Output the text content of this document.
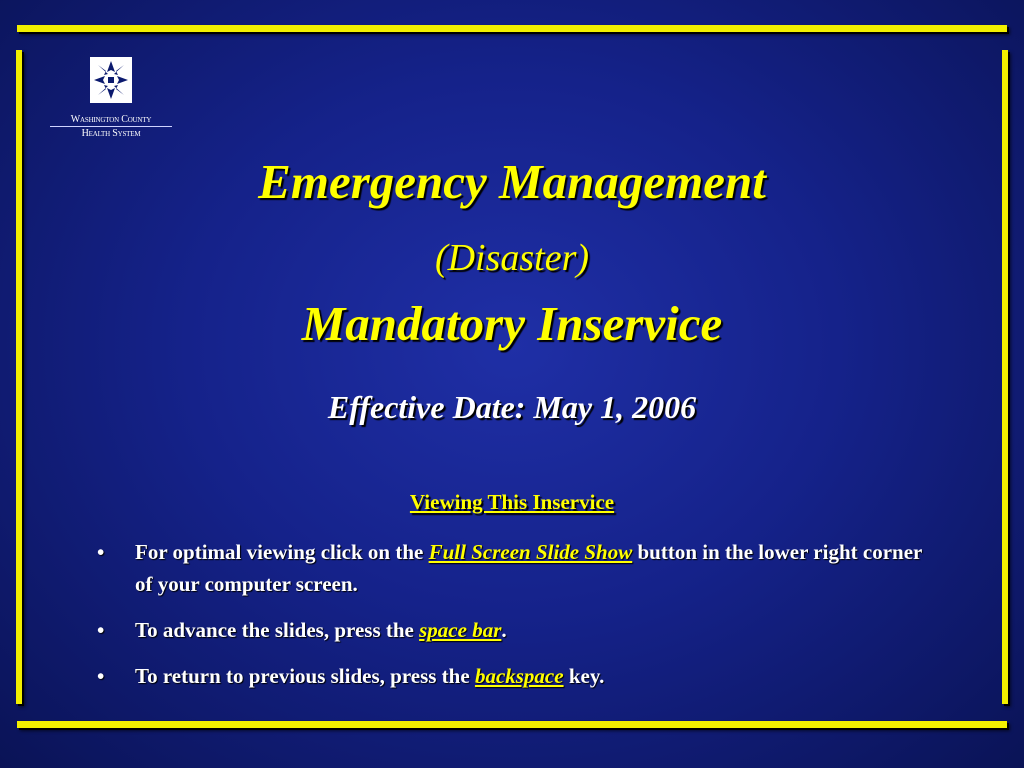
Washington County
Health System
Emergency Management
(Disaster)
Mandatory Inservice
Effective Date: May 1, 2006
Viewing This Inservice
• For optimal viewing click on the Full Screen Slide Show button in the lower right corner of your computer screen.
• To advance the slides, press the space bar.
• To return to previous slides, press the backspace key.
